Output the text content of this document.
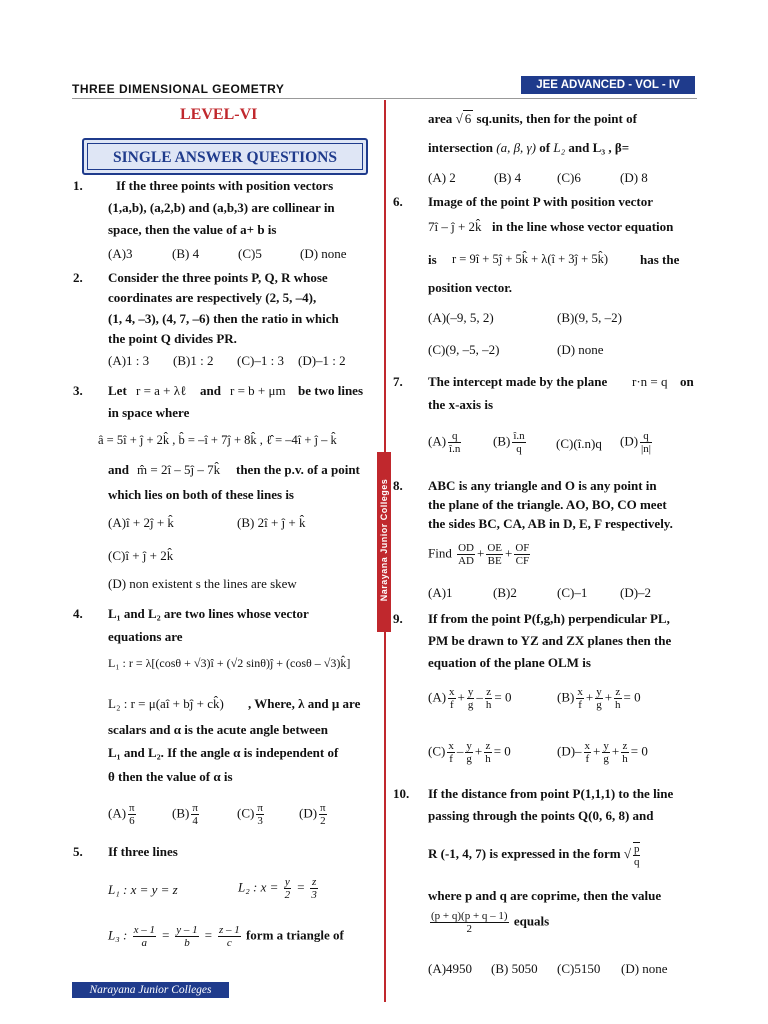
THREE DIMENSIONAL GEOMETRY	JEE ADVANCED - VOL - IV
Narayana Junior Colleges
LEVEL-VI
SINGLE ANSWER QUESTIONS
1.	If the three points with position vectors
(1,a,b), (a,2,b) and (a,b,3) are collinear in
space, then the value of a+ b is
(A)3	(B) 4	(C)5	(D) none
2. Consider the three points P, Q, R whose
coordinates are respectively (2, 5, –4),
(1, 4, –3), (4, 7, –6) then the ratio in which
the point Q divides PR.
(A)1 : 3 (B)1 : 2 (C)–1 : 3 (D)–1 : 2
3. Let r = a + λℓ and r = b + μm be two lines
in space where
â = 5î + ĵ + 2k̂ , b̂ = –î + 7ĵ + 8k̂ , ℓ̂ = –4î + ĵ – k̂
and m̂ = 2î – 5ĵ – 7k̂ then the p.v. of a point
which lies on both of these lines is
(A)î + 2ĵ + k̂	(B) 2î + ĵ + k̂
(C)î + ĵ + 2k̂
(D) non existent s the lines are skew
4. L₁ and L₂ are two lines whose vector
equations are
L₁ : r = λ[(cosθ + √3)î + (√2 sinθ)ĵ + (cosθ – √3)k̂]
L₂ : r = μ(aî + bĵ + ck̂) , Where, λ and μ are
scalars and α is the acute angle between
L₁ and L₂. If the angle α is independent of
θ then the value of α is
$(A) \frac{\pi}{6}$	$(B) \frac{\pi}{4}$	$(C) \frac{\pi}{3}$	$(D) \frac{\pi}{2}$
5. If three lines
L₁ : x = y = z	L₂ : $x = \frac{y}{2} = \frac{z}{3}$
L₃ : $\frac{x - 1}{a} = \frac{y - 1}{b} = \frac{z - 1}{c}$ form a triangle of
area √ 6 sq.units, then for the point of
intersection (a, β, γ) of L₂ and L₃ , β=
(A) 2	(B) 4	(C)6	(D) 8
6. Image of the point P with position vector
7î – ĵ + 2k̂ in the line whose vector equation
is r = 9î + 5ĵ + 5k̂ + λ(î + 3ĵ + 5k̂) has the
position vector.
(A)(–9, 5, 2)	(B)(9, 5, –2)
(C)(9, –5, –2)	(D) none
7. The intercept made by the plane r·n = q on
the x-axis is
$(A) \frac{q}{î.n} (B) \frac{î.n}{q}$ (C)(î.n)q $(D) \frac{q}{|n|}$
8. ABC is any triangle and O is any point in
the plane of the triangle. AO, BO, CO meet
the sides BC, CA, AB in D, E, F respectively.
Find $\frac{OD}{AD} + \frac{OE}{BE} + \frac{OF}{CF}$
(A)1	(B)2	(C)–1	(D)–2
9. If from the point P(f,g,h) perpendicular PL,
PM be drawn to YZ and ZX planes then the
equation of the plane OLM is
$(A) \frac{x}{f} + \frac{y}{g} - \frac{z}{h} = 0$	$(B) \frac{x}{f} + \frac{y}{g} + \frac{z}{h} = 0$
$(C) \frac{x}{f} - \frac{y}{g} + \frac{z}{h} = 0$	$(D)- \frac{x}{f} + \frac{y}{g} + \frac{z}{h} = 0$
10. If the distance from point P(1,1,1) to the line
passing through the points Q(0, 6, 8) and
R (-1, 4, 7) is expressed in the form √ $\frac{p}{q}$
where p and q are coprime, then the value
$\frac{(p + q)(p + q - 1)}{2}$ equals
(A)4950 (B) 5050 (C)5150 (D) none
Narayana Junior Colleges
